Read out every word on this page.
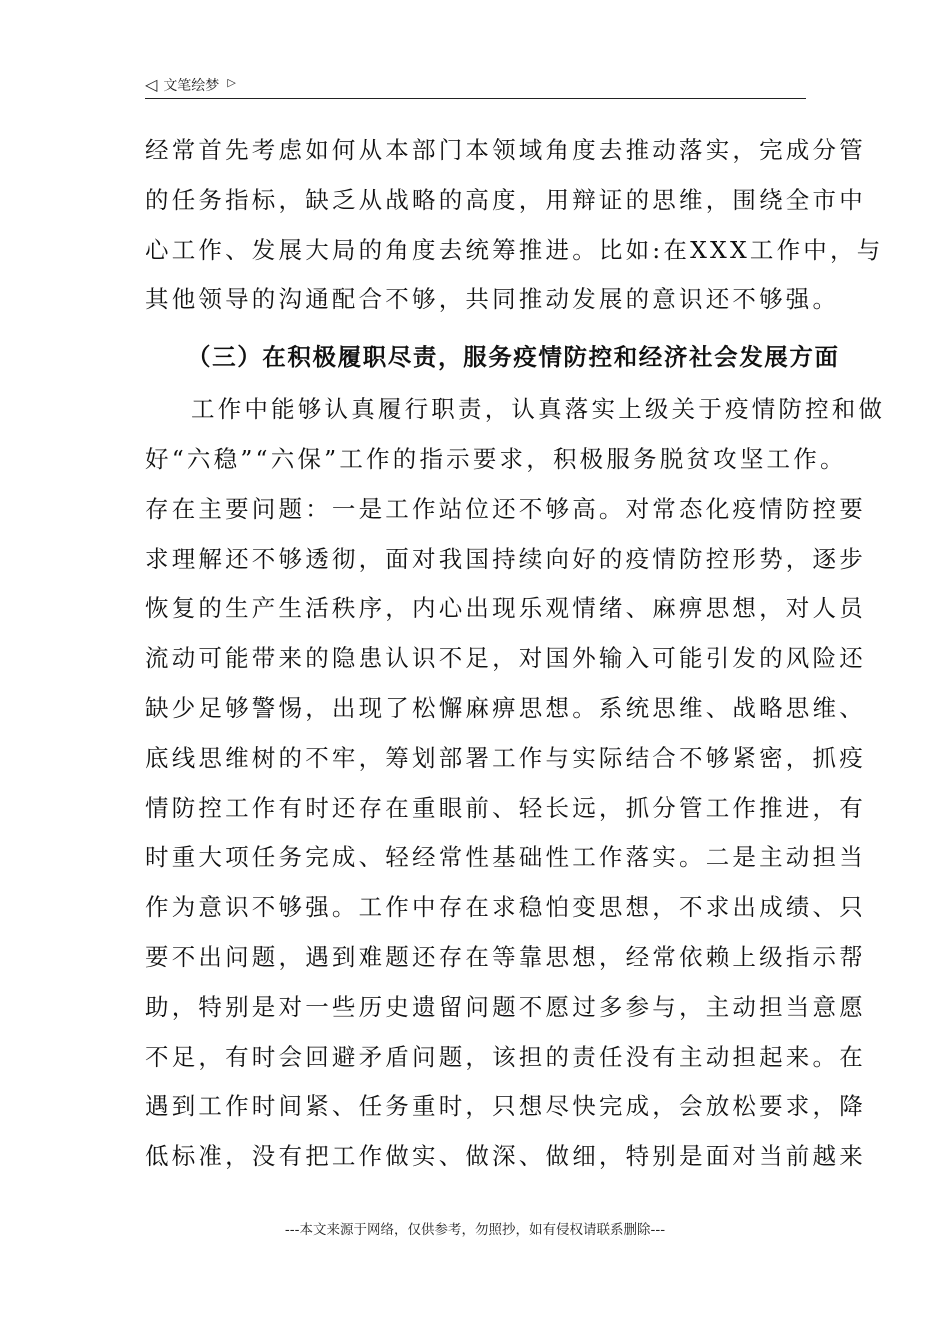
◁ 文笔绘梦 ▷
经常首先考虑如何从本部门本领域角度去推动落实，完成分管
的任务指标，缺乏从战略的高度，用辩证的思维，围绕全市中
心工作、发展大局的角度去统筹推进。比如:在XXX工作中，与
其他领导的沟通配合不够，共同推动发展的意识还不够强。
（三）在积极履职尽责，服务疫情防控和经济社会发展方面
工作中能够认真履行职责，认真落实上级关于疫情防控和做
好“六稳”“六保”工作的指示要求，积极服务脱贫攻坚工作。
存在主要问题：一是工作站位还不够高。对常态化疫情防控要
求理解还不够透彻，面对我国持续向好的疫情防控形势，逐步
恢复的生产生活秩序，内心出现乐观情绪、麻痹思想，对人员
流动可能带来的隐患认识不足，对国外输入可能引发的风险还
缺少足够警惕，出现了松懈麻痹思想。系统思维、战略思维、
底线思维树的不牢，筹划部署工作与实际结合不够紧密，抓疫
情防控工作有时还存在重眼前、轻长远，抓分管工作推进，有
时重大项任务完成、轻经常性基础性工作落实。二是主动担当
作为意识不够强。工作中存在求稳怕变思想，不求出成绩、只
要不出问题，遇到难题还存在等靠思想，经常依赖上级指示帮
助，特别是对一些历史遗留问题不愿过多参与，主动担当意愿
不足，有时会回避矛盾问题，该担的责任没有主动担起来。在
遇到工作时间紧、任务重时，只想尽快完成，会放松要求，降
低标准，没有把工作做实、做深、做细，特别是面对当前越来
---本文来源于网络，仅供参考，勿照抄，如有侵权请联系删除---
